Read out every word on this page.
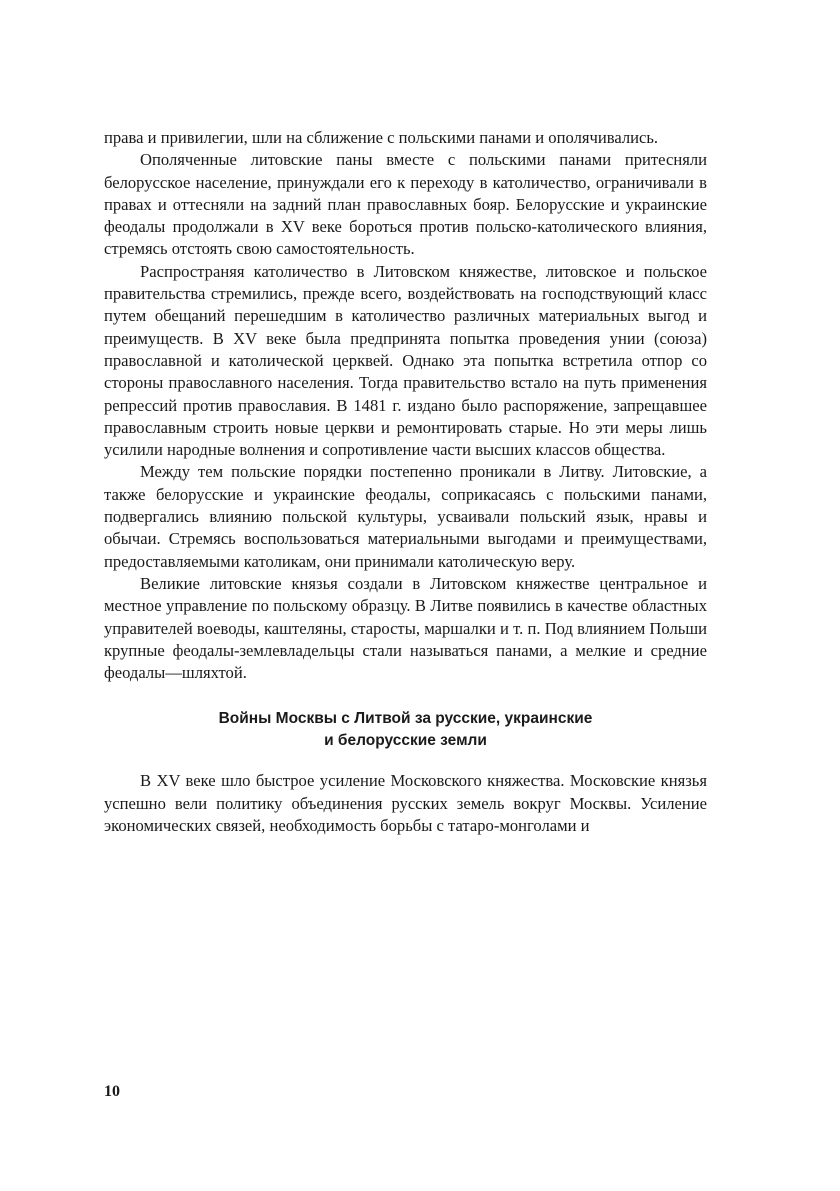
права и привилегии, шли на сближение с польскими панами и ополячивались.

Ополяченные литовские паны вместе с польскими панами притесняли белорусское население, принуждали его к переходу в католичество, ограничивали в правах и оттесняли на задний план православных бояр. Белорусские и украинские феодалы продолжали в XV веке бороться против польско-католического влияния, стремясь отстоять свою самостоятельность.

Распространяя католичество в Литовском княжестве, литовское и польское правительства стремились, прежде всего, воздействовать на господствующий класс путем обещаний перешедшим в католичество различных материальных выгод и преимуществ. В XV веке была предпринята попытка проведения унии (союза) православной и католической церквей. Однако эта попытка встретила отпор со стороны православного населения. Тогда правительство встало на путь применения репрессий против православия. В 1481 г. издано было распоряжение, запрещавшее православным строить новые церкви и ремонтировать старые. Но эти меры лишь усилили народные волнения и сопротивление части высших классов общества.

Между тем польские порядки постепенно проникали в Литву. Литовские, а также белорусские и украинские феодалы, соприкасаясь с польскими панами, подвергались влиянию польской культуры, усваивали польский язык, нравы и обычаи. Стремясь воспользоваться материальными выгодами и преимуществами, предоставляемыми католикам, они принимали католическую веру.

Великие литовские князья создали в Литовском княжестве центральное и местное управление по польскому образцу. В Литве появились в качестве областных управителей воеводы, каштеляны, старосты, маршалки и т. п. Под влиянием Польши крупные феодалы-землевладельцы стали называться панами, а мелкие и средние феодалы—шляхтой.

Войны Москвы с Литвой за русские, украинские
и белорусские земли

В XV веке шло быстрое усиление Московского княжества. Московские князья успешно вели политику объединения русских земель вокруг Москвы. Усиление экономических связей, необходимость борьбы с татаро-монголами и

10
